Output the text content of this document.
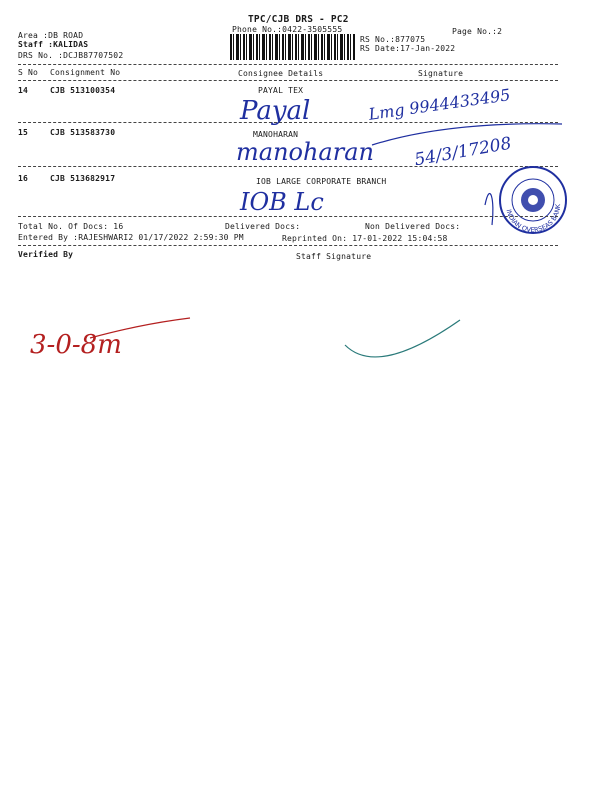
TPC/CJB DRS - PC2
Phone No.:0422-3505555	Page No.:2
Area :DB ROAD
Staff :KALIDAS
DRS No. :DCJB87707502
RS No.:877075
RS Date:17-Jan-2022
S No Consignment No	Consignee Details	Signature
14	CJB 513100354	PAYAL TEX
Payal	Lmg 9944433495
15	CJB 513583730	MANOHARAN
manoharan 54/3/17208
16	CJB 513682917	IOB LARGE CORPORATE BRANCH
IOB Lc	INDIAN OVERSEAS BANK
Total No. Of Docs: 16	Delivered Docs:	Non Delivered Docs:
Entered By :RAJESHWARI2 01/17/2022 2:59:30 PM	Reprinted On: 17-01-2022 15:04:58
Verified By	Staff Signature
3-0-8m
